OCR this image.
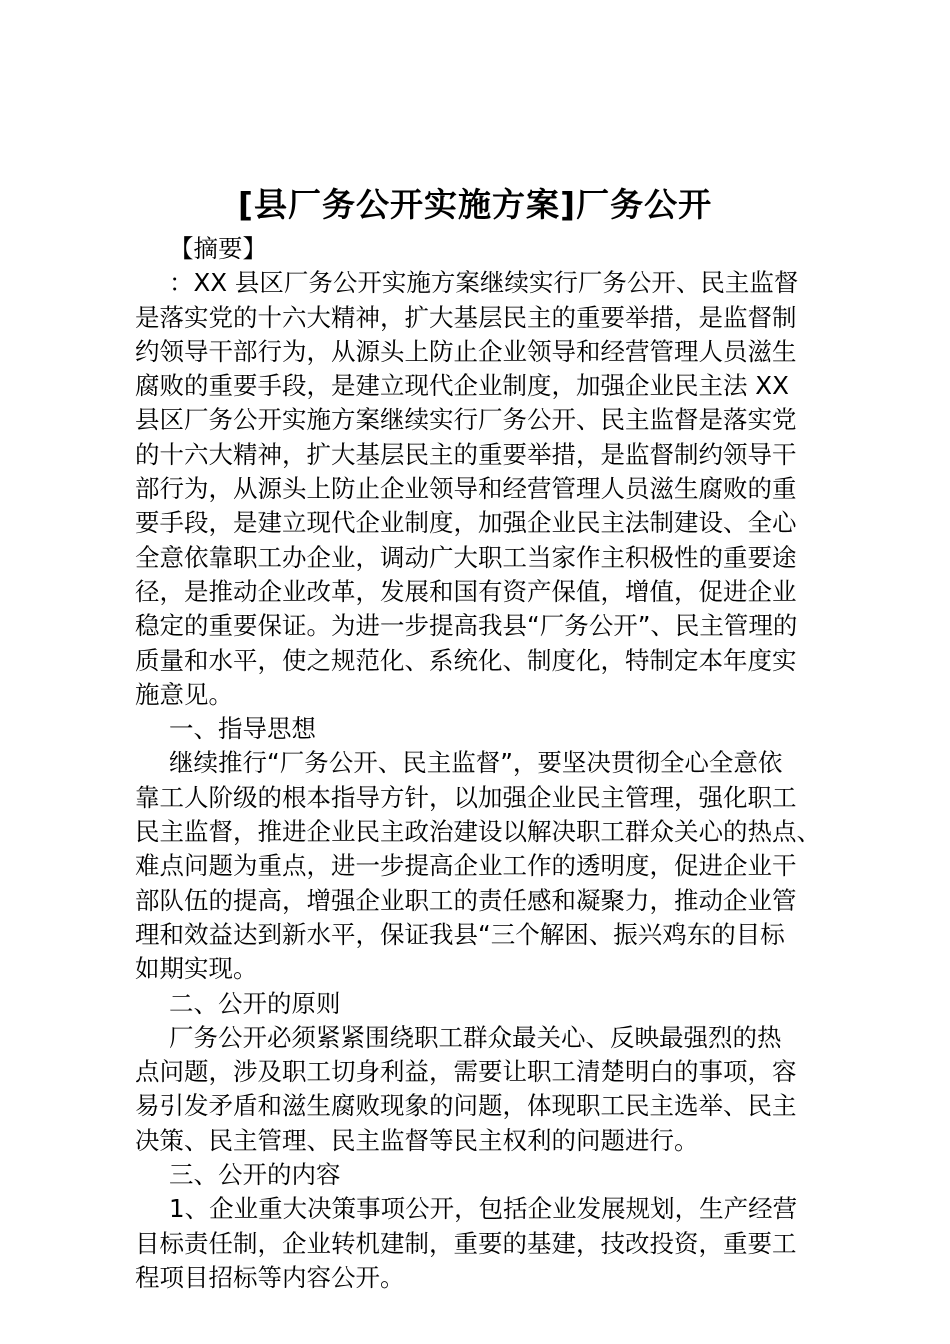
[县厂务公开实施方案]厂务公开
【摘要】
：XX 县区厂务公开实施方案继续实行厂务公开、民主监督
是落实党的十六大精神，扩大基层民主的重要举措，是监督制
约领导干部行为，从源头上防止企业领导和经营管理人员滋生
腐败的重要手段，是建立现代企业制度，加强企业民主法 XX
县区厂务公开实施方案继续实行厂务公开、民主监督是落实党
的十六大精神，扩大基层民主的重要举措，是监督制约领导干
部行为，从源头上防止企业领导和经营管理人员滋生腐败的重
要手段，是建立现代企业制度，加强企业民主法制建设、全心
全意依靠职工办企业，调动广大职工当家作主积极性的重要途
径，是推动企业改革，发展和国有资产保值，增值，促进企业
稳定的重要保证。为进一步提高我县“厂务公开”、民主管理的
质量和水平，使之规范化、系统化、制度化，特制定本年度实
施意见。
一、指导思想
继续推行“厂务公开、民主监督”，要坚决贯彻全心全意依
靠工人阶级的根本指导方针，以加强企业民主管理，强化职工
民主监督，推进企业民主政治建设以解决职工群众关心的热点、
难点问题为重点，进一步提高企业工作的透明度，促进企业干
部队伍的提高，增强企业职工的责任感和凝聚力，推动企业管
理和效益达到新水平，保证我县“三个解困、振兴鸡东的目标
如期实现。
二、公开的原则
厂务公开必须紧紧围绕职工群众最关心、反映最强烈的热
点问题，涉及职工切身利益，需要让职工清楚明白的事项，容
易引发矛盾和滋生腐败现象的问题，体现职工民主选举、民主
决策、民主管理、民主监督等民主权利的问题进行。
三、公开的内容
1、企业重大决策事项公开，包括企业发展规划，生产经营
目标责任制，企业转机建制，重要的基建，技改投资，重要工
程项目招标等内容公开。
